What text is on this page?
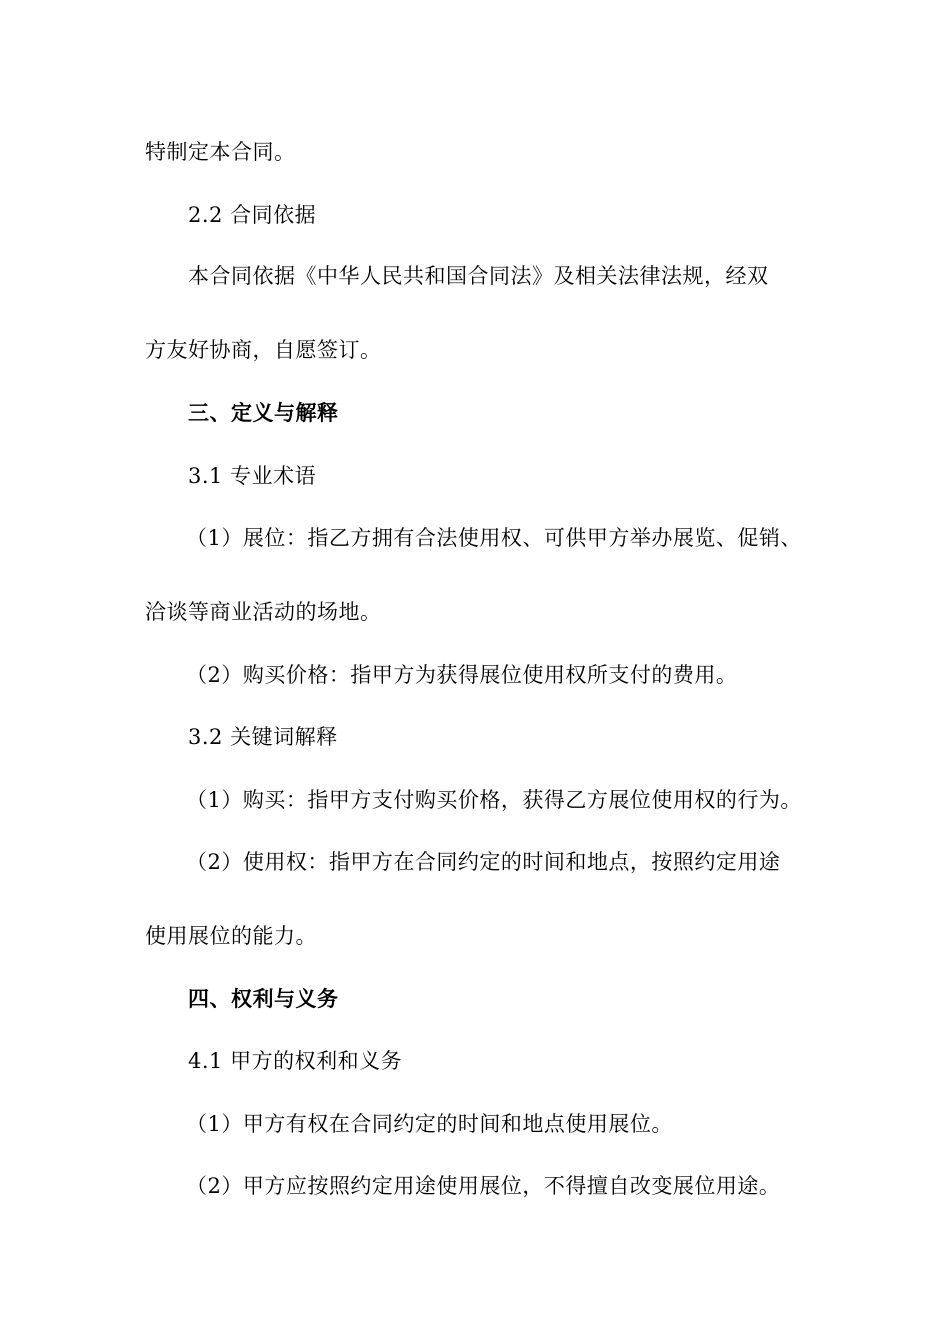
特制定本合同。
2.2 合同依据
本合同依据《中华人民共和国合同法》及相关法律法规，经双
方友好协商，自愿签订。
三、定义与解释
3.1 专业术语
（1）展位：指乙方拥有合法使用权、可供甲方举办展览、促销、
洽谈等商业活动的场地。
（2）购买价格：指甲方为获得展位使用权所支付的费用。
3.2 关键词解释
（1）购买：指甲方支付购买价格，获得乙方展位使用权的行为。
（2）使用权：指甲方在合同约定的时间和地点，按照约定用途
使用展位的能力。
四、权利与义务
4.1 甲方的权利和义务
（1）甲方有权在合同约定的时间和地点使用展位。
（2）甲方应按照约定用途使用展位，不得擅自改变展位用途。
